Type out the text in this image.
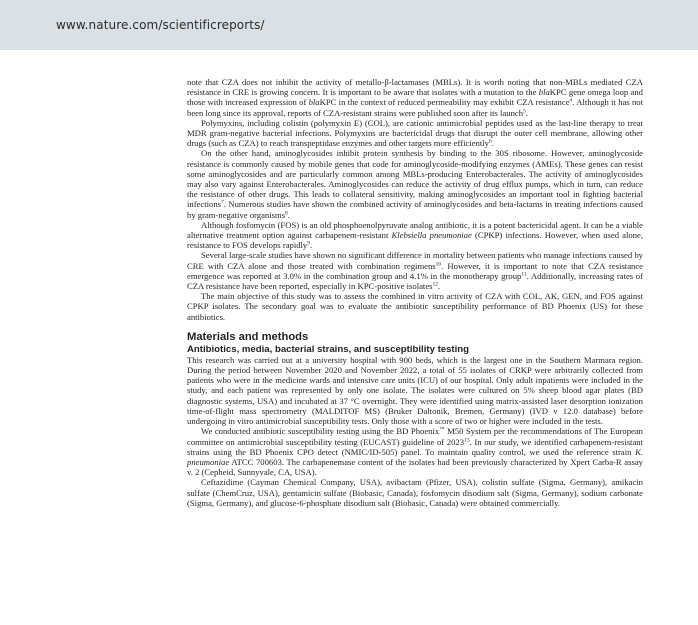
www.nature.com/scientificreports/

note that CZA does not inhibit the activity of metallo-β-lactamases (MBLs). It is worth noting that non-MBLs mediated CZA resistance in CRE is growing concern. It is important to be aware that isolates with a mutation to the blaKPC gene omega loop and those with increased expression of blaKPC in the context of reduced permeability may exhibit CZA resistance$^4$. Although it has not been long since its approval, reports of CZA-resistant strains were published soon after its launch$^5$.

Polymyxins, including colistin (polymyxin E) (COL), are cationic antimicrobial peptides used as the last-line therapy to treat MDR gram-negative bacterial infections. Polymyxins are bactericidal drugs that disrupt the outer cell membrane, allowing other drugs (such as CZA) to reach transpeptidase enzymes and other targets more efficiently$^6$.

On the other hand, aminoglycosides inhibit protein synthesis by binding to the 30S ribosome. However, aminoglycoside resistance is commonly caused by mobile genes that code for aminoglycoside-modifying enzymes (AMEs). These genes can resist some aminoglycosides and are particularly common among MBLs-producing Enterobacterales. The activity of aminoglycosides may also vary against Enterobacterales. Aminoglycosides can reduce the activity of drug efflux pumps, which in turn, can reduce the resistance of other drugs. This leads to collateral sensitivity, making aminoglycosides an important tool in fighting bacterial infections$^7$. Numerous studies have shown the combined activity of aminoglycosides and beta-lactams in treating infections caused by gram-negative organisms$^8$.

Although fosfomycin (FOS) is an old phosphoenolpyruvate analog antibiotic, it is a potent bactericidal agent. It can be a viable alternative treatment option against carbapenem-resistant Klebsiella pneumoniae (CPKP) infections. However, when used alone, resistance to FOS develops rapidly$^9$.

Several large-scale studies have shown no significant difference in mortality between patients who manage infections caused by CRE with CZA alone and those treated with combination regimens$^{10}$. However, it is important to note that CZA resistance emergence was reported at 3.0% in the combination group and 4.1% in the monotherapy group$^{11}$. Additionally, increasing rates of CZA resistance have been reported, especially in KPC-positive isolates$^{12}$.

The main objective of this study was to assess the combined in vitro activity of CZA with COL, AK, GEN, and FOS against CPKP isolates. The secondary goal was to evaluate the antibiotic susceptibility performance of BD Phoenix (US) for these antibiotics.

Materials and methods
Antibiotics, media, bacterial strains, and susceptibility testing

This research was carried out at a university hospital with 900 beds, which is the largest one in the Southern Marmara region. During the period between November 2020 and November 2022, a total of 55 isolates of CRKP were arbitrarily collected from patients who were in the medicine wards and intensive care units (ICU) of our hospital. Only adult inpatients were included in the study, and each patient was represented by only one isolate. The isolates were cultured on 5% sheep blood agar plates (BD diagnostic systems, USA) and incubated at 37 °C overnight. They were identified using matrix-assisted laser desorption ionization time-of-flight mass spectrometry (MALDITOF MS) (Bruker Daltonik, Bremen, Germany) (IVD v 12.0 database) before undergoing in vitro antimicrobial susceptibility tests. Only those with a score of two or higher were included in the tests.

We conducted antibiotic susceptibility testing using the BD Phoenix™ M50 System per the recommendations of The European committee on antimicrobial susceptibility testing (EUCAST) guideline of 2023$^{13}$. In our study, we identified carbapenem-resistant strains using the BD Phoenix CPO detect (NMIC/ID-505) panel. To maintain quality control, we used the reference strain K. pneumoniae ATCC 700603. The carbapenemase content of the isolates had been previously characterized by Xpert Carba-R assay v. 2 (Cepheid, Sunnyvale, CA, USA).

Ceftazidime (Cayman Chemical Company, USA), avibactam (Pfizer, USA), colistin sulfate (Sigma, Germany), amikacin sulfate (ChemCruz, USA), gentamicin sulfate (Biobasic, Canada), fosfomycin disodium salt (Sigma, Germany), sodium carbonate (Sigma, Germany), and glucose-6-phosphate disodium salt (Biobasic, Canada) were obtained commercially.
